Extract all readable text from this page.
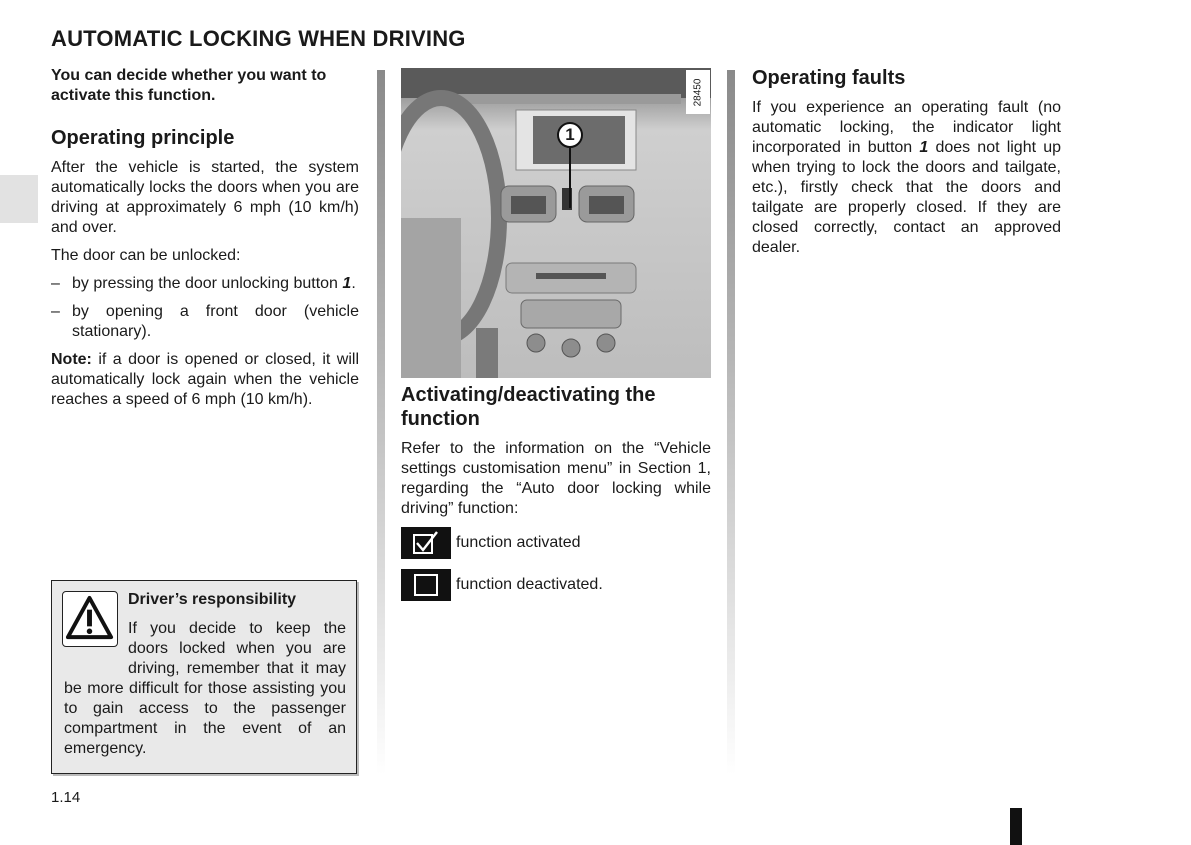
AUTOMATIC LOCKING WHEN DRIVING

You can decide whether you want to activate this function.

Operating principle

After the vehicle is started, the system automatically locks the doors when you are driving at approximately 6 mph (10 km/h) and over.

The door can be unlocked:

– by pressing the door unlocking button 1.
– by opening a front door (vehicle stationary).

Note: if a door is opened or closed, it will automatically lock again when the vehicle reaches a speed of 6 mph (10 km/h).

Driver’s responsibility
If you decide to keep the doors locked when you are driving, remember that it may be more difficult for those assisting you to gain access to the passenger compartment in the event of an emergency.
1
28450
Activating/deactivating the function

Refer to the information on the “Vehicle settings customisation menu” in Section 1, regarding the “Auto door locking while driving” function:

function activated
function deactivated.
Operating faults

If you experience an operating fault (no automatic locking, the indicator light incorporated in button 1 does not light up when trying to lock the doors and tailgate, etc.), firstly check that the doors and tailgate are properly closed. If they are closed correctly, contact an approved dealer.

1.14
